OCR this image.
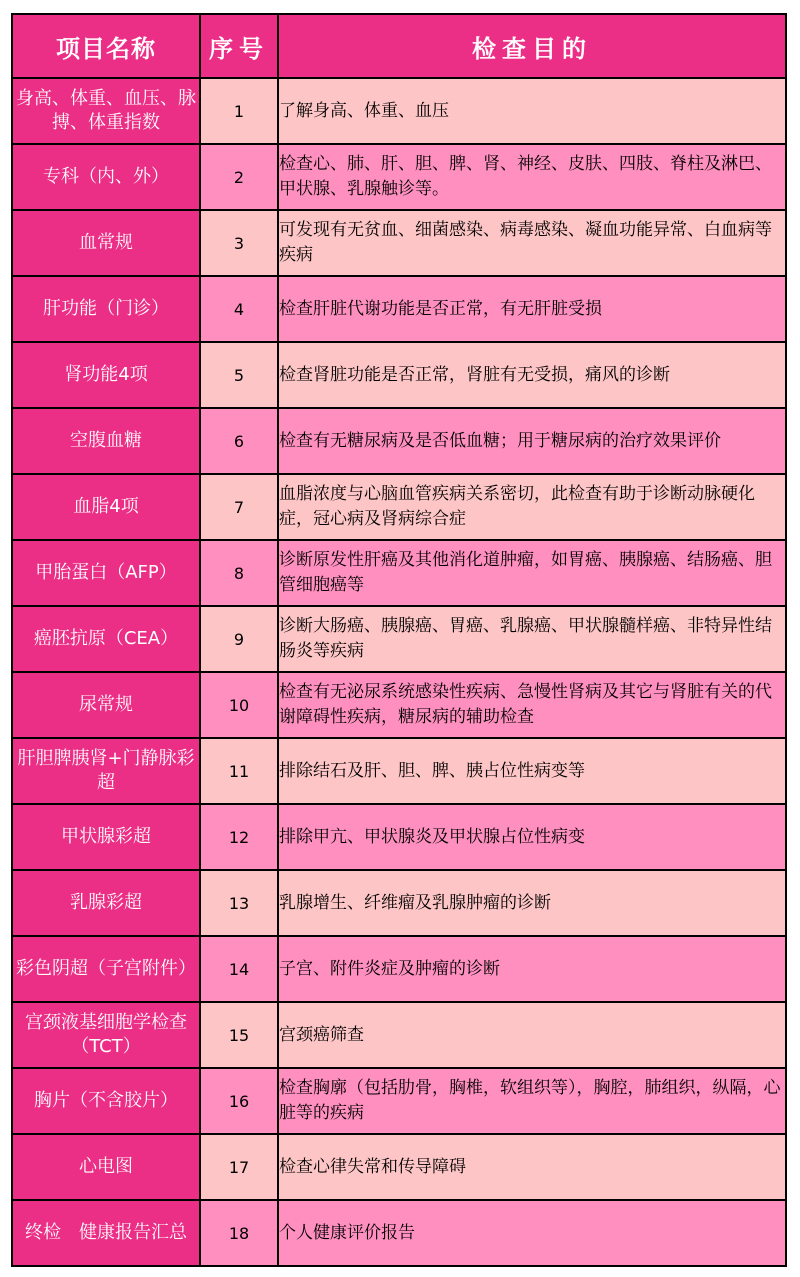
项目名称	序号	检查目的
身高、体重、血压、脉搏、体重指数	1	了解身高、体重、血压
专科（内、外）	2	检查心、肺、肝、胆、脾、肾、神经、皮肤、四肢、脊柱及淋巴、甲状腺、乳腺触诊等。
血常规	3	可发现有无贫血、细菌感染、病毒感染、凝血功能异常、白血病等疾病
肝功能（门诊）	4	检查肝脏代谢功能是否正常，有无肝脏受损
肾功能4项	5	检查肾脏功能是否正常，肾脏有无受损，痛风的诊断
空腹血糖	6	检查有无糖尿病及是否低血糖；用于糖尿病的治疗效果评价
血脂4项	7	血脂浓度与心脑血管疾病关系密切，此检查有助于诊断动脉硬化症，冠心病及肾病综合症
甲胎蛋白（AFP）	8	诊断原发性肝癌及其他消化道肿瘤，如胃癌、胰腺癌、结肠癌、胆管细胞癌等
癌胚抗原（CEA）	9	诊断大肠癌、胰腺癌、胃癌、乳腺癌、甲状腺髓样癌、非特异性结肠炎等疾病
尿常规	10	检查有无泌尿系统感染性疾病、急慢性肾病及其它与肾脏有关的代谢障碍性疾病，糖尿病的辅助检查
肝胆脾胰肾+门静脉彩超	11	排除结石及肝、胆、脾、胰占位性病变等
甲状腺彩超	12	排除甲亢、甲状腺炎及甲状腺占位性病变
乳腺彩超	13	乳腺增生、纤维瘤及乳腺肿瘤的诊断
彩色阴超（子宫附件）	14	子宫、附件炎症及肿瘤的诊断
宫颈液基细胞学检查（TCT）	15	宫颈癌筛查
胸片（不含胶片）	16	检查胸廓（包括肋骨，胸椎，软组织等），胸腔，肺组织，纵隔，心脏等的疾病
心电图	17	检查心律失常和传导障碍
终检　健康报告汇总	18	个人健康评价报告
